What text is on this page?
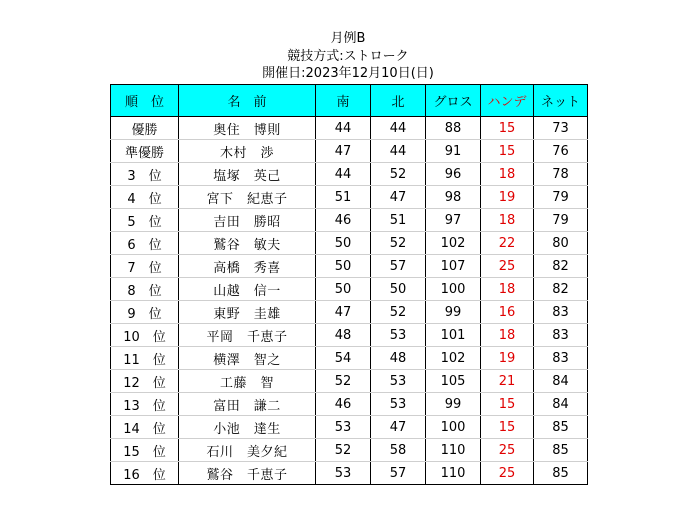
月例B
競技方式:ストローク
開催日:2023年12月10日(日)
順　位	名　前	南	北	グロス	ハンデ	ネット
優勝	奥住　博則	44	44	88	15	73
準優勝	木村　渉	47	44	91	15	76
3　位	塩塚　英己	44	52	96	18	78
4　位	宮下　紀恵子	51	47	98	19	79
5　位	吉田　勝昭	46	51	97	18	79
6　位	鷲谷　敏夫	50	52	102	22	80
7　位	高橋　秀喜	50	57	107	25	82
8　位	山越　信一	50	50	100	18	82
9　位	東野　圭雄	47	52	99	16	83
10　位	平岡　千恵子	48	53	101	18	83
11　位	横澤　智之	54	48	102	19	83
12　位	工藤　智	52	53	105	21	84
13　位	富田　謙二	46	53	99	15	84
14　位	小池　達生	53	47	100	15	85
15　位	石川　美夕紀	52	58	110	25	85
16　位	鷲谷　千恵子	53	57	110	25	85
